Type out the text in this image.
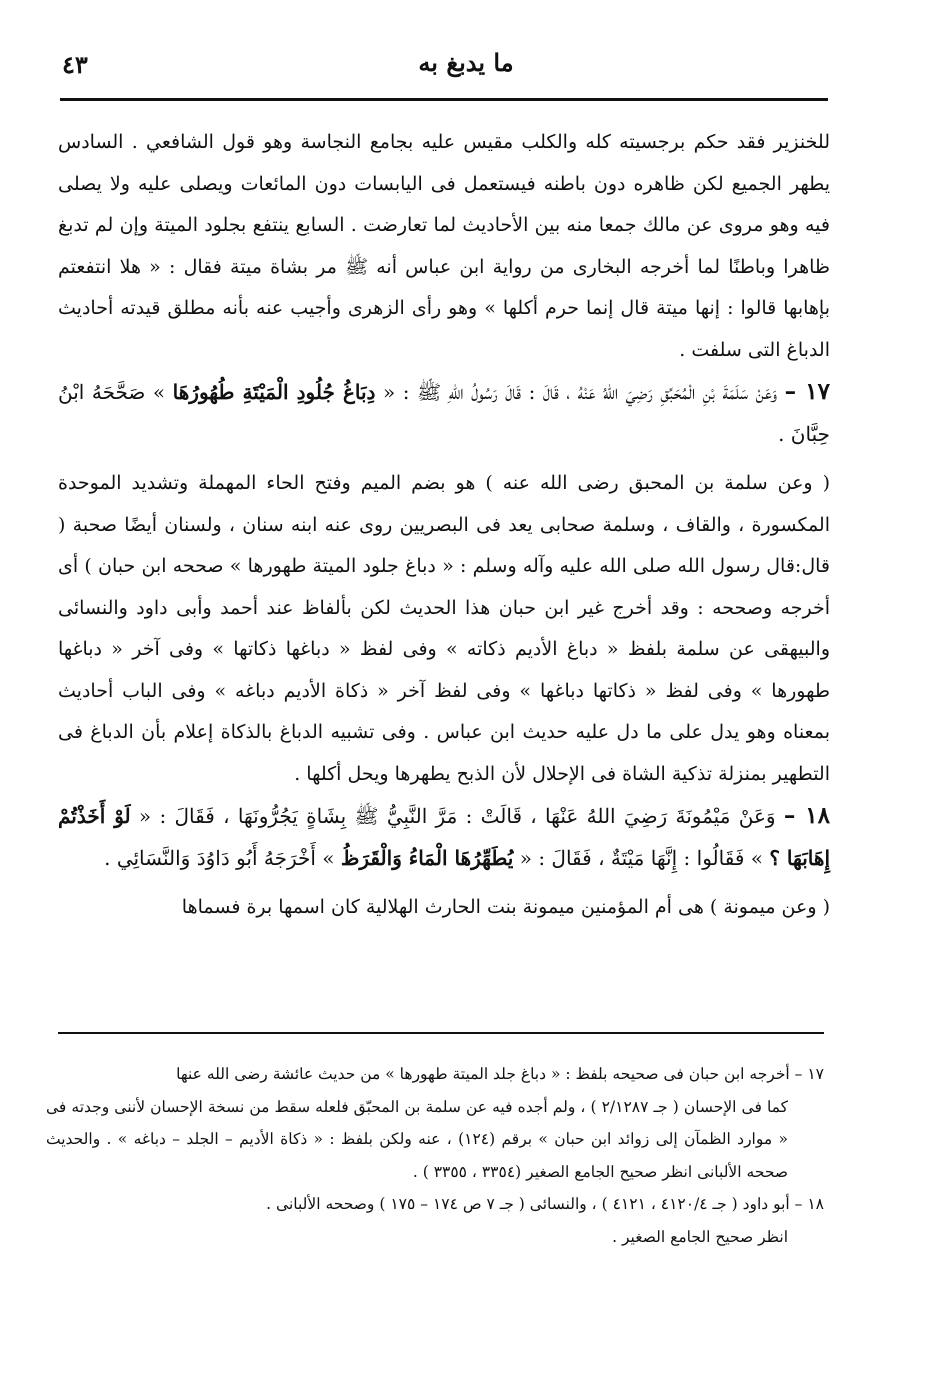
٤٣	ما يدبغ به

للخنزير فقد حكم برجسيته كله والكلب مقيس عليه بجامع النجاسة وهو قول الشافعي . السادس يطهر الجميع لكن ظاهره دون باطنه فيستعمل فى اليابسات دون المائعات ويصلى عليه ولا يصلى فيه وهو مروى عن مالك جمعا منه بين الأحاديث لما تعارضت . السابع ينتفع بجلود الميتة وإن لم تدبغ ظاهرا وباطنًا لما أخرجه البخارى من رواية ابن عباس أنه ﷺ مر بشاة ميتة فقال : « هلا انتفعتم بإهابها قالوا : إنها ميتة قال إنما حرم أكلها » وهو رأى الزهرى وأجيب عنه بأنه مطلق قيدته أحاديث الدباغ التى سلفت .

١٧ – وَعَنْ سَلَمَةَ بْنِ الْمُحَبِّقِ رَضِيَ اللهُ عَنْهُ ، قَالَ : قَالَ رَسُولُ اللهِ ﷺ : « دِبَاغُ جُلُودِ الْمَيْتَةِ طُهُورُهَا » صَحَّحَهُ ابْنُ حِبَّانَ .

( وعن سلمة بن المحبق رضى الله عنه ) هو بضم الميم وفتح الحاء المهملة وتشديد الموحدة المكسورة ، والقاف ، وسلمة صحابى يعد فى البصريين روى عنه ابنه سنان ، ولسنان أيضًا صحبة ( قال:قال رسول الله صلى الله عليه وآله وسلم : « دباغ جلود الميتة طهورها » صححه ابن حبان ) أى أخرجه وصححه : وقد أخرج غير ابن حبان هذا الحديث لكن بألفاظ عند أحمد وأبى داود والنسائى والبيهقى عن سلمة بلفظ « دباغ الأديم ذكاته » وفى لفظ « دباغها ذكاتها » وفى آخر « دباغها طهورها » وفى لفظ « ذكاتها دباغها » وفى لفظ آخر « ذكاة الأديم دباغه » وفى الباب أحاديث بمعناه وهو يدل على ما دل عليه حديث ابن عباس . وفى تشبيه الدباغ بالذكاة إعلام بأن الدباغ فى التطهير بمنزلة تذكية الشاة فى الإحلال لأن الذبح يطهرها ويحل أكلها .

١٨ – وَعَنْ مَيْمُونَةَ رَضِيَ اللهُ عَنْهَا ، قَالَتْ : مَرَّ النَّبِيُّ ﷺ بِشَاةٍ يَجُرُّونَهَا ، فَقَالَ : « لَوْ أَخَذْتُمْ إِهَابَهَا ؟ » فَقَالُوا : إِنَّهَا مَيْتَةٌ ، فَقَالَ : « يُطَهِّرُهَا الْمَاءُ وَالْقَرَظُ » أَخْرَجَهُ أَبُو دَاوُدَ وَالنَّسَائِي .

( وعن ميمونة ) هى أم المؤمنين ميمونة بنت الحارث الهلالية كان اسمها برة فسماها

١٧ – أخرجه ابن حبان فى صحيحه بلفظ : « دباغ جلد الميتة طهورها » من حديث عائشة رضى الله عنها

كما فى الإحسان ( جـ ٢/١٢٨٧ ) ، ولم أجده فيه عن سلمة بن المحبّق فلعله سقط من نسخة الإحسان لأننى وجدته فى « موارد الظمآن إلى زوائد ابن حبان » برقم (١٢٤) ، عنه ولكن بلفظ : « ذكاة الأديم – الجلد – دباغه » . والحديث صححه الألبانى انظر صحيح الجامع الصغير (٣٣٥٤ ، ٣٣٥٥ ) .

١٨ – أبو داود ( جـ ٤١٢٠/٤ ، ٤١٢١ ) ، والنسائى ( جـ ٧ ص ١٧٤ – ١٧٥ ) وصححه الألبانى .

انظر صحيح الجامع الصغير .
